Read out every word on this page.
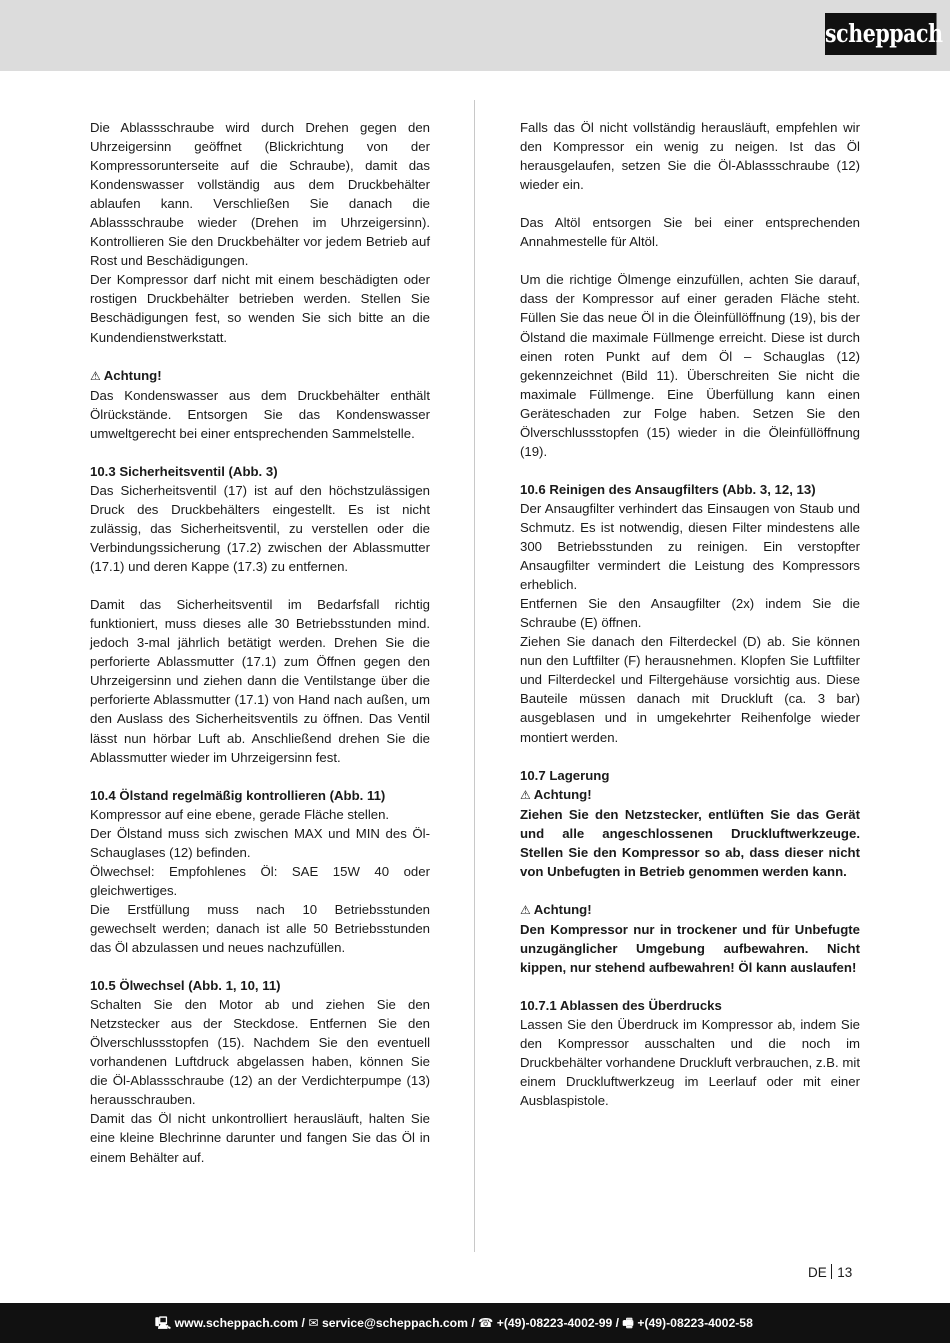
scheppach

Die Ablassschraube wird durch Drehen gegen den Uhrzeigersinn geöffnet (Blickrichtung von der Kompressorunterseite auf die Schraube), damit das Kondenswasser vollständig aus dem Druckbehälter ablaufen kann. Verschließen Sie danach die Ablassschraube wieder (Drehen im Uhrzeigersinn). Kontrollieren Sie den Druckbehälter vor jedem Betrieb auf Rost und Beschädigungen.

Der Kompressor darf nicht mit einem beschädigten oder rostigen Druckbehälter betrieben werden. Stellen Sie Beschädigungen fest, so wenden Sie sich bitte an die Kundendienstwerkstatt.

⚠ Achtung!

Das Kondenswasser aus dem Druckbehälter enthält Ölrückstände. Entsorgen Sie das Kondenswasser umweltgerecht bei einer entsprechenden Sammelstelle.

10.3 Sicherheitsventil (Abb. 3)

Das Sicherheitsventil (17) ist auf den höchstzulässigen Druck des Druckbehälters eingestellt. Es ist nicht zulässig, das Sicherheitsventil, zu verstellen oder die Verbindungssicherung (17.2) zwischen der Ablassmutter (17.1) und deren Kappe (17.3) zu entfernen.

Damit das Sicherheitsventil im Bedarfsfall richtig funktioniert, muss dieses alle 30 Betriebsstunden mind. jedoch 3-mal jährlich betätigt werden. Drehen Sie die perforierte Ablassmutter (17.1) zum Öffnen gegen den Uhrzeigersinn und ziehen dann die Ventilstange über die perforierte Ablassmutter (17.1) von Hand nach außen, um den Auslass des Sicherheitsventils zu öffnen. Das Ventil lässt nun hörbar Luft ab. Anschließend drehen Sie die Ablassmutter wieder im Uhrzeigersinn fest.

10.4 Ölstand regelmäßig kontrollieren (Abb. 11)

Kompressor auf eine ebene, gerade Fläche stellen.

Der Ölstand muss sich zwischen MAX und MIN des Öl-Schauglases (12) befinden.

Ölwechsel: Empfohlenes Öl: SAE 15W 40 oder gleichwertiges.

Die Erstfüllung muss nach 10 Betriebsstunden gewechselt werden; danach ist alle 50 Betriebsstunden das Öl abzulassen und neues nachzufüllen.

10.5 Ölwechsel (Abb. 1, 10, 11)

Schalten Sie den Motor ab und ziehen Sie den Netzstecker aus der Steckdose. Entfernen Sie den Ölverschlussstopfen (15). Nachdem Sie den eventuell vorhandenen Luftdruck abgelassen haben, können Sie die Öl-Ablassschraube (12) an der Verdichterpumpe (13) herausschrauben.

Damit das Öl nicht unkontrolliert herausläuft, halten Sie eine kleine Blechrinne darunter und fangen Sie das Öl in einem Behälter auf.

Falls das Öl nicht vollständig herausläuft, empfehlen wir den Kompressor ein wenig zu neigen. Ist das Öl herausgelaufen, setzen Sie die Öl-Ablassschraube (12) wieder ein.

Das Altöl entsorgen Sie bei einer entsprechenden Annahmestelle für Altöl.

Um die richtige Ölmenge einzufüllen, achten Sie darauf, dass der Kompressor auf einer geraden Fläche steht. Füllen Sie das neue Öl in die Öleinfüllöffnung (19), bis der Ölstand die maximale Füllmenge erreicht. Diese ist durch einen roten Punkt auf dem Öl – Schauglas (12) gekennzeichnet (Bild 11). Überschreiten Sie nicht die maximale Füllmenge. Eine Überfüllung kann einen Geräteschaden zur Folge haben. Setzen Sie den Ölverschlussstopfen (15) wieder in die Öleinfüllöffnung (19).

10.6 Reinigen des Ansaugfilters (Abb. 3, 12, 13)

Der Ansaugfilter verhindert das Einsaugen von Staub und Schmutz. Es ist notwendig, diesen Filter mindestens alle 300 Betriebsstunden zu reinigen. Ein verstopfter Ansaugfilter vermindert die Leistung des Kompressors erheblich.

Entfernen Sie den Ansaugfilter (2x) indem Sie die Schraube (E) öffnen.

Ziehen Sie danach den Filterdeckel (D) ab. Sie können nun den Luftfilter (F) herausnehmen. Klopfen Sie Luftfilter und Filterdeckel und Filtergehäuse vorsichtig aus. Diese Bauteile müssen danach mit Druckluft (ca. 3 bar) ausgeblasen und in umgekehrter Reihenfolge wieder montiert werden.

10.7 Lagerung

⚠ Achtung!

Ziehen Sie den Netzstecker, entlüften Sie das Gerät und alle angeschlossenen Druckluftwerkzeuge. Stellen Sie den Kompressor so ab, dass dieser nicht von Unbefugten in Betrieb genommen werden kann.

⚠ Achtung!

Den Kompressor nur in trockener und für Unbefugte unzugänglicher Umgebung aufbewahren. Nicht kippen, nur stehend aufbewahren! Öl kann auslaufen!

10.7.1 Ablassen des Überdrucks

Lassen Sie den Überdruck im Kompressor ab, indem Sie den Kompressor ausschalten und die noch im Druckbehälter vorhandene Druckluft verbrauchen, z.B. mit einem Druckluftwerkzeug im Leerlauf oder mit einer Ausblaspistole.

DE 13
🖳 www.scheppach.com / ✉ service@scheppach.com / ☎ +(49)-08223-4002-99 / 🖷 +(49)-08223-4002-58
